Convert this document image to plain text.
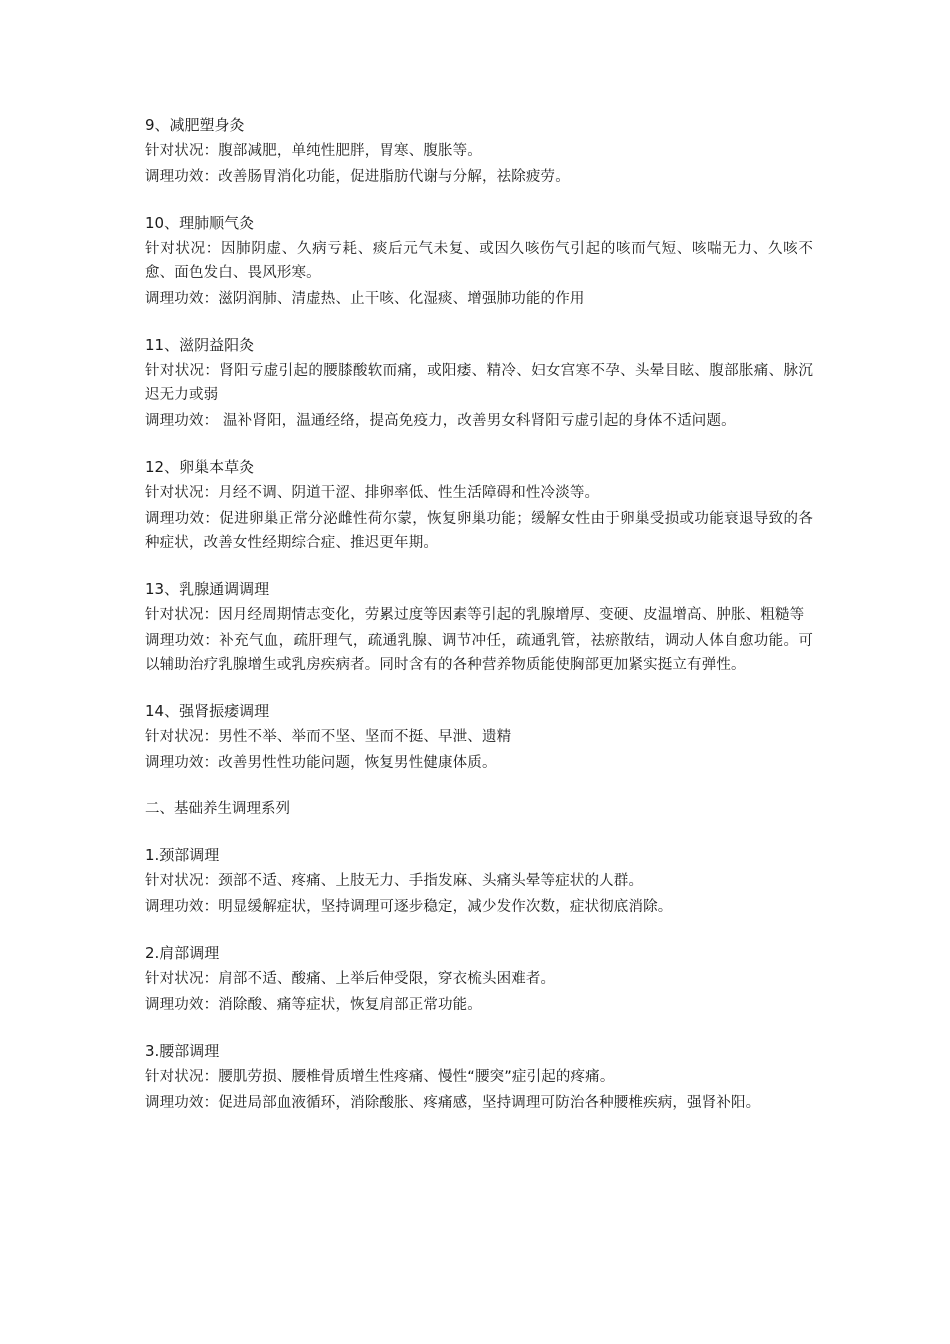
9、减肥塑身灸

针对状况：腹部减肥，单纯性肥胖，胃寒、腹胀等。

调理功效：改善肠胃消化功能，促进脂肪代谢与分解，祛除疲劳。

10、理肺顺气灸

针对状况：因肺阴虚、久病亏耗、痰后元气未复、或因久咳伤气引起的咳而气短、咳喘无力、久咳不愈、面色发白、畏风形寒。

调理功效：滋阴润肺、清虚热、止干咳、化湿痰、增强肺功能的作用

11、滋阴益阳灸

针对状况：肾阳亏虚引起的腰膝酸软而痛，或阳痿、精冷、妇女宫寒不孕、头晕目眩、腹部胀痛、脉沉迟无力或弱

调理功效： 温补肾阳，温通经络，提高免疫力，改善男女科肾阳亏虚引起的身体不适问题。

12、卵巢本草灸

针对状况：月经不调、阴道干涩、排卵率低、性生活障碍和性冷淡等。

调理功效：促进卵巢正常分泌雌性荷尔蒙，恢复卵巢功能；缓解女性由于卵巢受损或功能衰退导致的各种症状，改善女性经期综合症、推迟更年期。

13、乳腺通调调理

针对状况：因月经周期情志变化，劳累过度等因素等引起的乳腺增厚、变硬、皮温增高、肿胀、粗糙等

调理功效：补充气血，疏肝理气，疏通乳腺、调节冲任，疏通乳管，祛瘀散结，调动人体自愈功能。可以辅助治疗乳腺增生或乳房疾病者。同时含有的各种营养物质能使胸部更加紧实挺立有弹性。

14、强肾振痿调理

针对状况：男性不举、举而不坚、坚而不挺、早泄、遗精

调理功效：改善男性性功能问题，恢复男性健康体质。

二、基础养生调理系列

1.颈部调理

针对状况：颈部不适、疼痛、上肢无力、手指发麻、头痛头晕等症状的人群。

调理功效：明显缓解症状，坚持调理可逐步稳定，减少发作次数，症状彻底消除。

2.肩部调理

针对状况：肩部不适、酸痛、上举后伸受限，穿衣梳头困难者。

调理功效：消除酸、痛等症状，恢复肩部正常功能。

3.腰部调理

针对状况：腰肌劳损、腰椎骨质增生性疼痛、慢性“腰突”症引起的疼痛。

调理功效：促进局部血液循环，消除酸胀、疼痛感，坚持调理可防治各种腰椎疾病，强肾补阳。
